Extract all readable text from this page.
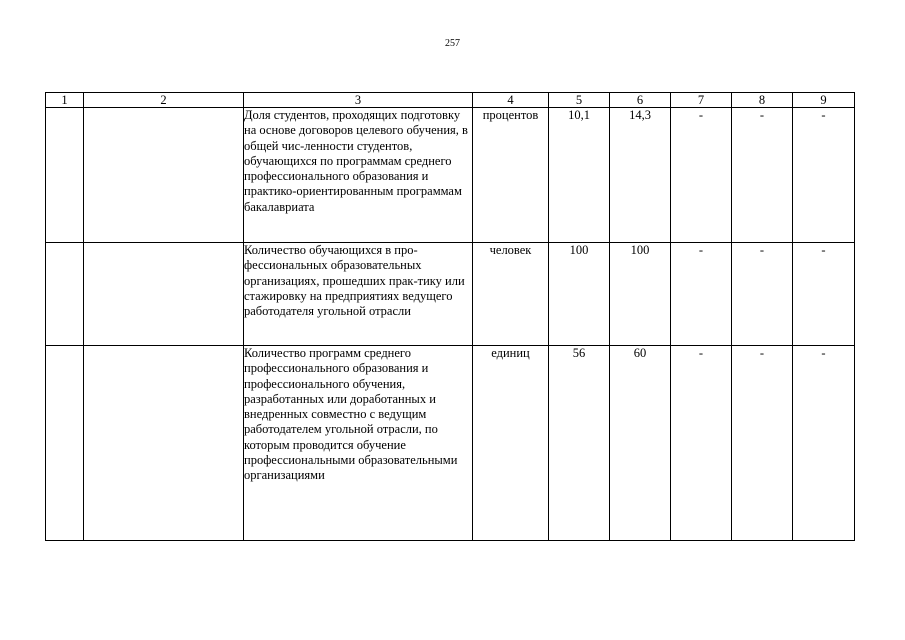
257
1	2	3	4	5	6	7	8	9
		Доля студентов, проходящих подготовку на основе договоров целевого обучения, в общей чис-ленности студентов, обучающихся по программам среднего профессионального образования и практико-ориентированным программам бакалавриата	процентов	10,1	14,3	-	-	-
		Количество обучающихся в про-фессиональных образовательных организациях, прошедших прак-тику или стажировку на предприятиях ведущего работодателя угольной отрасли	человек	100	100	-	-	-
		Количество программ среднего профессионального образования и профессионального обучения, разработанных или доработанных и внедренных совместно с ведущим работодателем угольной отрасли, по которым проводится обучение профессиональными образовательными организациями	единиц	56	60	-	-	-
